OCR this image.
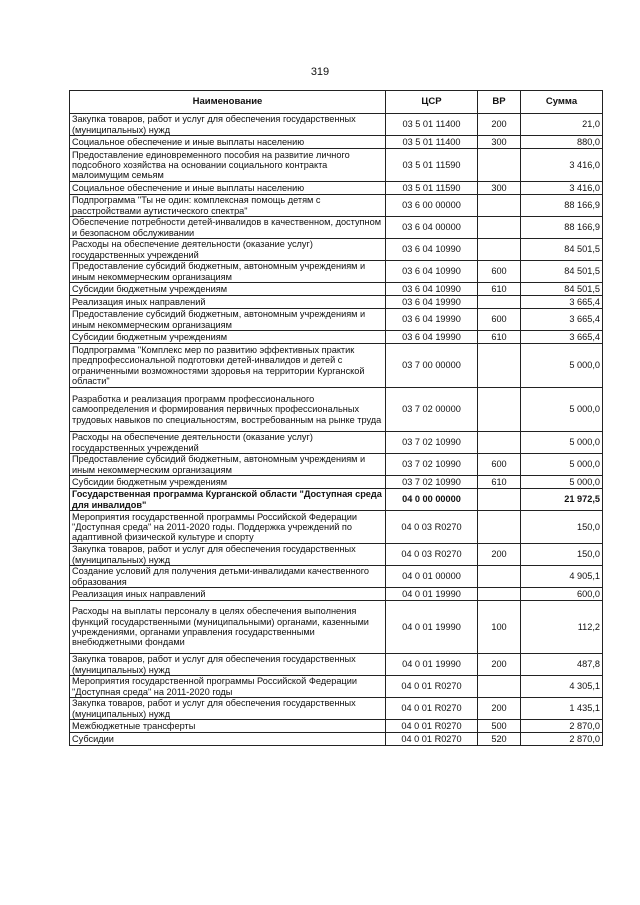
319
Наименование	ЦСР	ВР	Сумма
Закупка товаров, работ и услуг для обеспечения государственных (муниципальных) нужд	03 5 01 11400	200	21,0
Социальное обеспечение и иные выплаты населению	03 5 01 11400	300	880,0
Предоставление единовременного пособия на развитие личного подсобного хозяйства на основании социального контракта малоимущим семьям	03 5 01 11590		3 416,0
Социальное обеспечение и иные выплаты населению	03 5 01 11590	300	3 416,0
Подпрограмма "Ты не один: комплексная помощь детям с расстройствами аутистического спектра"	03 6 00 00000		88 166,9
Обеспечение потребности детей-инвалидов в качественном, доступном и безопасном обслуживании	03 6 04 00000		88 166,9
Расходы на обеспечение деятельности (оказание услуг) государственных учреждений	03 6 04 10990		84 501,5
Предоставление субсидий бюджетным, автономным учреждениям и иным некоммерческим организациям	03 6 04 10990	600	84 501,5
Субсидии бюджетным учреждениям	03 6 04 10990	610	84 501,5
Реализация иных направлений	03 6 04 19990		3 665,4
Предоставление субсидий бюджетным, автономным учреждениям и иным некоммерческим организациям	03 6 04 19990	600	3 665,4
Субсидии бюджетным учреждениям	03 6 04 19990	610	3 665,4
Подпрограмма "Комплекс мер по развитию эффективных практик предпрофессиональной подготовки детей-инвалидов и детей с ограниченными возможностями здоровья на территории Курганской области"	03 7 00 00000		5 000,0
Разработка и реализация программ профессионального самоопределения и формирования первичных профессиональных трудовых навыков по специальностям, востребованным на рынке труда	03 7 02 00000		5 000,0
Расходы на обеспечение деятельности (оказание услуг) государственных учреждений	03 7 02 10990		5 000,0
Предоставление субсидий бюджетным, автономным учреждениям и иным некоммерческим организациям	03 7 02 10990	600	5 000,0
Субсидии бюджетным учреждениям	03 7 02 10990	610	5 000,0
Государственная программа Курганской области "Доступная среда для инвалидов"	04 0 00 00000		21 972,5
Мероприятия государственной программы Российской Федерации "Доступная среда" на 2011-2020 годы. Поддержка учреждений по адаптивной физической культуре и спорту	04 0 03 R0270		150,0
Закупка товаров, работ и услуг для обеспечения государственных (муниципальных) нужд	04 0 03 R0270	200	150,0
Создание условий для получения детьми-инвалидами качественного образования	04 0 01 00000		4 905,1
Реализация иных направлений	04 0 01 19990		600,0
Расходы на выплаты персоналу в целях обеспечения выполнения функций государственными (муниципальными) органами, казенными учреждениями, органами управления государственными внебюджетными фондами	04 0 01 19990	100	112,2
Закупка товаров, работ и услуг для обеспечения государственных (муниципальных) нужд	04 0 01 19990	200	487,8
Мероприятия государственной программы Российской Федерации "Доступная среда" на 2011-2020 годы	04 0 01 R0270		4 305,1
Закупка товаров, работ и услуг для обеспечения государственных (муниципальных) нужд	04 0 01 R0270	200	1 435,1
Межбюджетные трансферты	04 0 01 R0270	500	2 870,0
Субсидии	04 0 01 R0270	520	2 870,0
